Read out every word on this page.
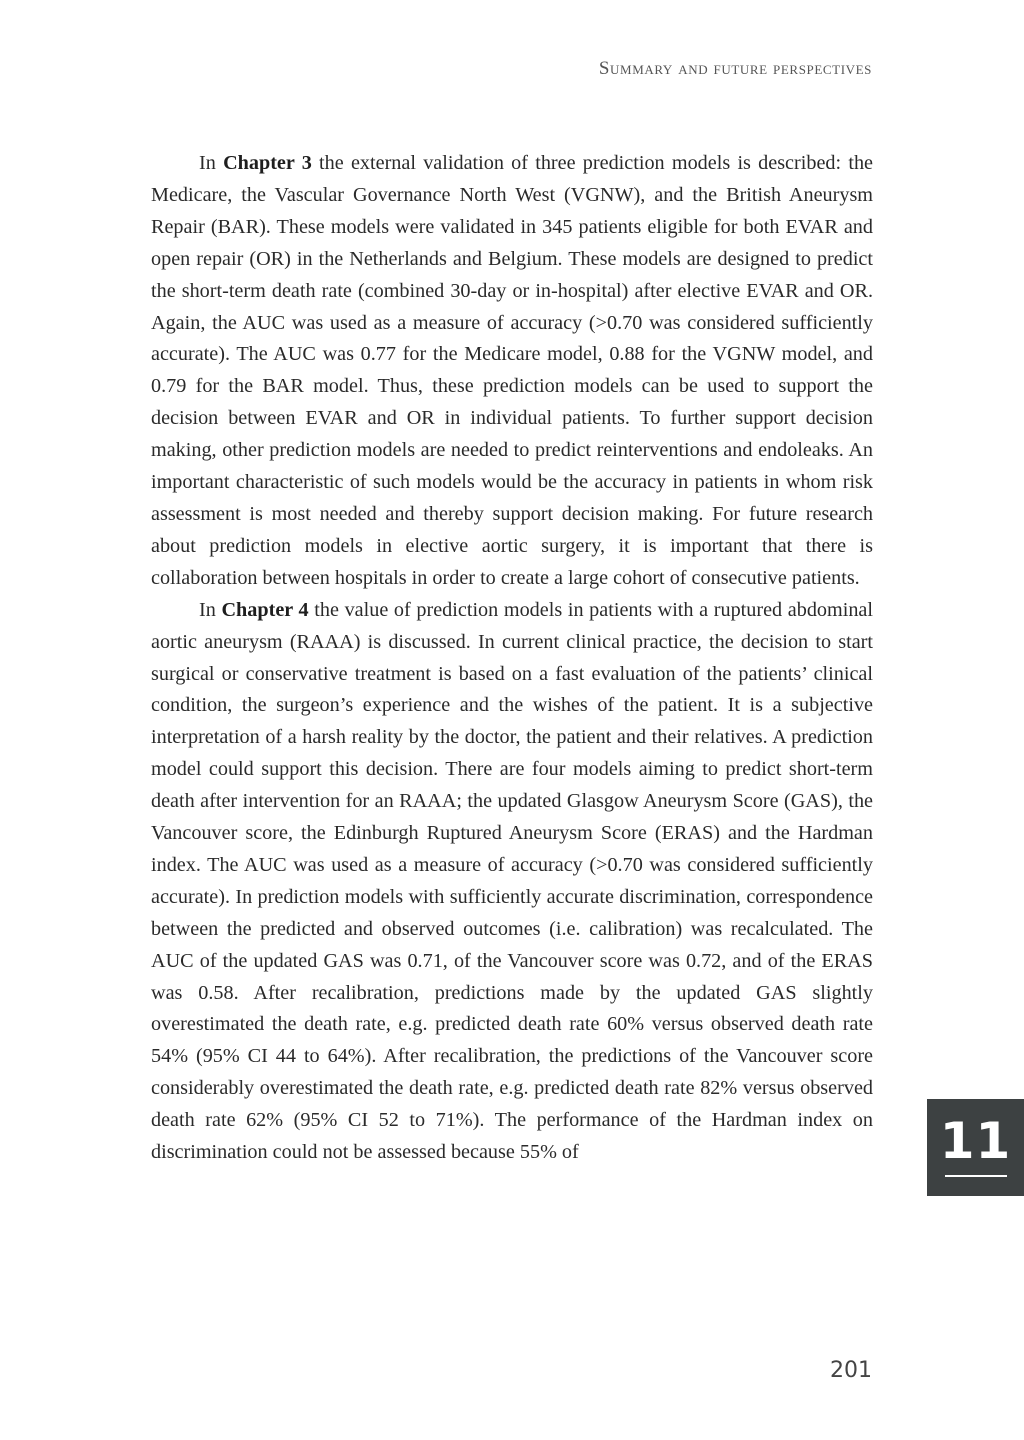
Summary and future perspectives

In Chapter 3 the external validation of three prediction models is described: the Medicare, the Vascular Governance North West (VGNW), and the British Aneurysm Repair (BAR). These models were validated in 345 patients eligible for both EVAR and open repair (OR) in the Netherlands and Belgium. These models are designed to predict the short-term death rate (combined 30-day or in-hospital) after elective EVAR and OR. Again, the AUC was used as a measure of accuracy (>0.70 was considered sufficiently accurate). The AUC was 0.77 for the Medicare model, 0.88 for the VGNW model, and 0.79 for the BAR model. Thus, these prediction models can be used to support the decision between EVAR and OR in individual patients. To further support decision making, other prediction models are needed to predict reinterventions and endoleaks. An important characteristic of such models would be the accuracy in patients in whom risk assessment is most needed and thereby support decision making. For future research about prediction models in elective aortic surgery, it is important that there is collaboration between hospitals in order to create a large cohort of consecutive patients.

In Chapter 4 the value of prediction models in patients with a ruptured abdominal aortic aneurysm (RAAA) is discussed. In current clinical practice, the decision to start surgical or conservative treatment is based on a fast evaluation of the patients’ clinical condition, the surgeon’s experience and the wishes of the patient. It is a subjective interpretation of a harsh reality by the doctor, the patient and their relatives. A prediction model could support this decision. There are four models aiming to predict short-term death after intervention for an RAAA; the updated Glasgow Aneurysm Score (GAS), the Vancouver score, the Edinburgh Ruptured Aneurysm Score (ERAS) and the Hardman index. The AUC was used as a measure of accuracy (>0.70 was considered sufficiently accurate). In prediction models with sufficiently accurate discrimination, correspondence between the predicted and observed outcomes (i.e. calibration) was recalculated. The AUC of the updated GAS was 0.71, of the Vancouver score was 0.72, and of the ERAS was 0.58. After recalibration, predictions made by the updated GAS slightly overestimated the death rate, e.g. predicted death rate 60% versus observed death rate 54% (95% CI 44 to 64%). After recalibration, the predictions of the Vancouver score considerably overestimated the death rate, e.g. predicted death rate 82% versus observed death rate 62% (95% CI 52 to 71%). The performance of the Hardman index on discrimination could not be assessed because 55% of	11
201
